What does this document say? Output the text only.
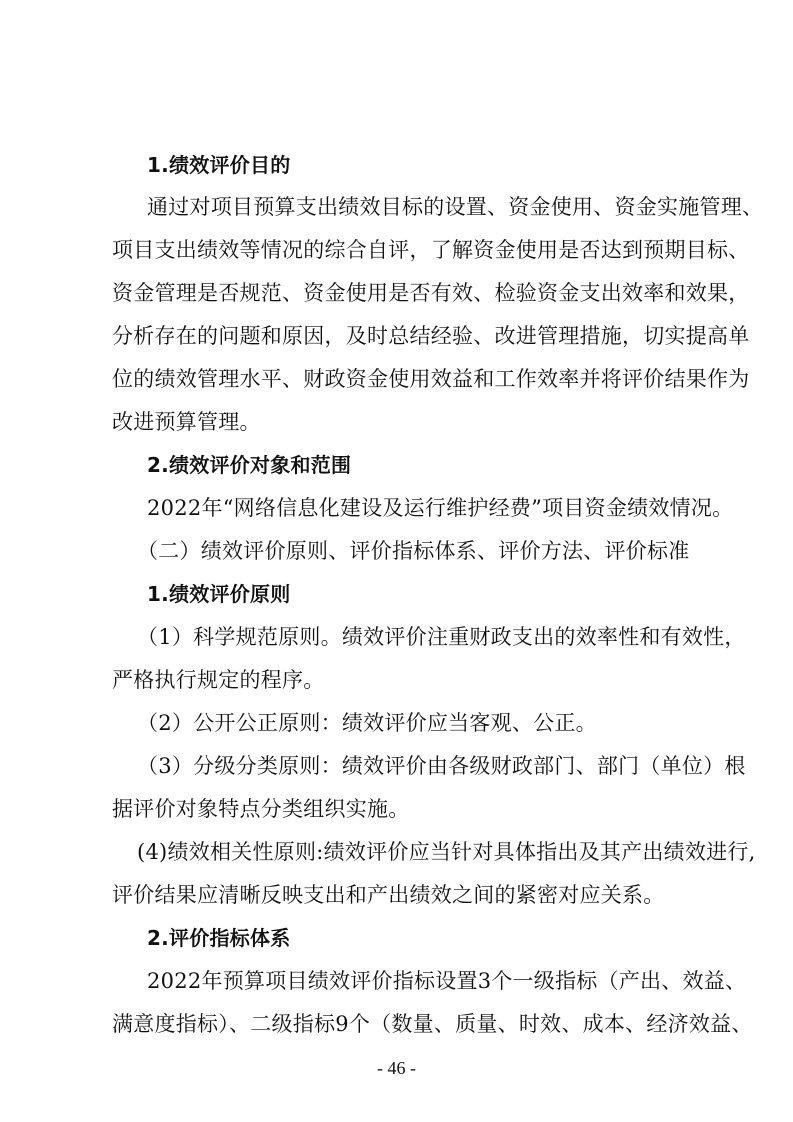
1.绩效评价目的
通过对项目预算支出绩效目标的设置、资金使用、资金实施管理、
项目支出绩效等情况的综合自评，了解资金使用是否达到预期目标、
资金管理是否规范、资金使用是否有效、检验资金支出效率和效果，
分析存在的问题和原因，及时总结经验、改进管理措施，切实提高单
位的绩效管理水平、财政资金使用效益和工作效率并将评价结果作为
改进预算管理。
2.绩效评价对象和范围
2022年“网络信息化建设及运行维护经费”项目资金绩效情况。
（二）绩效评价原则、评价指标体系、评价方法、评价标准
1.绩效评价原则
（1）科学规范原则。绩效评价注重财政支出的效率性和有效性，
严格执行规定的程序。
（2）公开公正原则：绩效评价应当客观、公正。
（3）分级分类原则：绩效评价由各级财政部门、部门（单位）根
据评价对象特点分类组织实施。
(4)绩效相关性原则:绩效评价应当针对具体指出及其产出绩效进行,
评价结果应清晰反映支出和产出绩效之间的紧密对应关系。
2.评价指标体系
2022年预算项目绩效评价指标设置3个一级指标（产出、效益、
满意度指标）、二级指标9个（数量、质量、时效、成本、经济效益、
- 46 -
